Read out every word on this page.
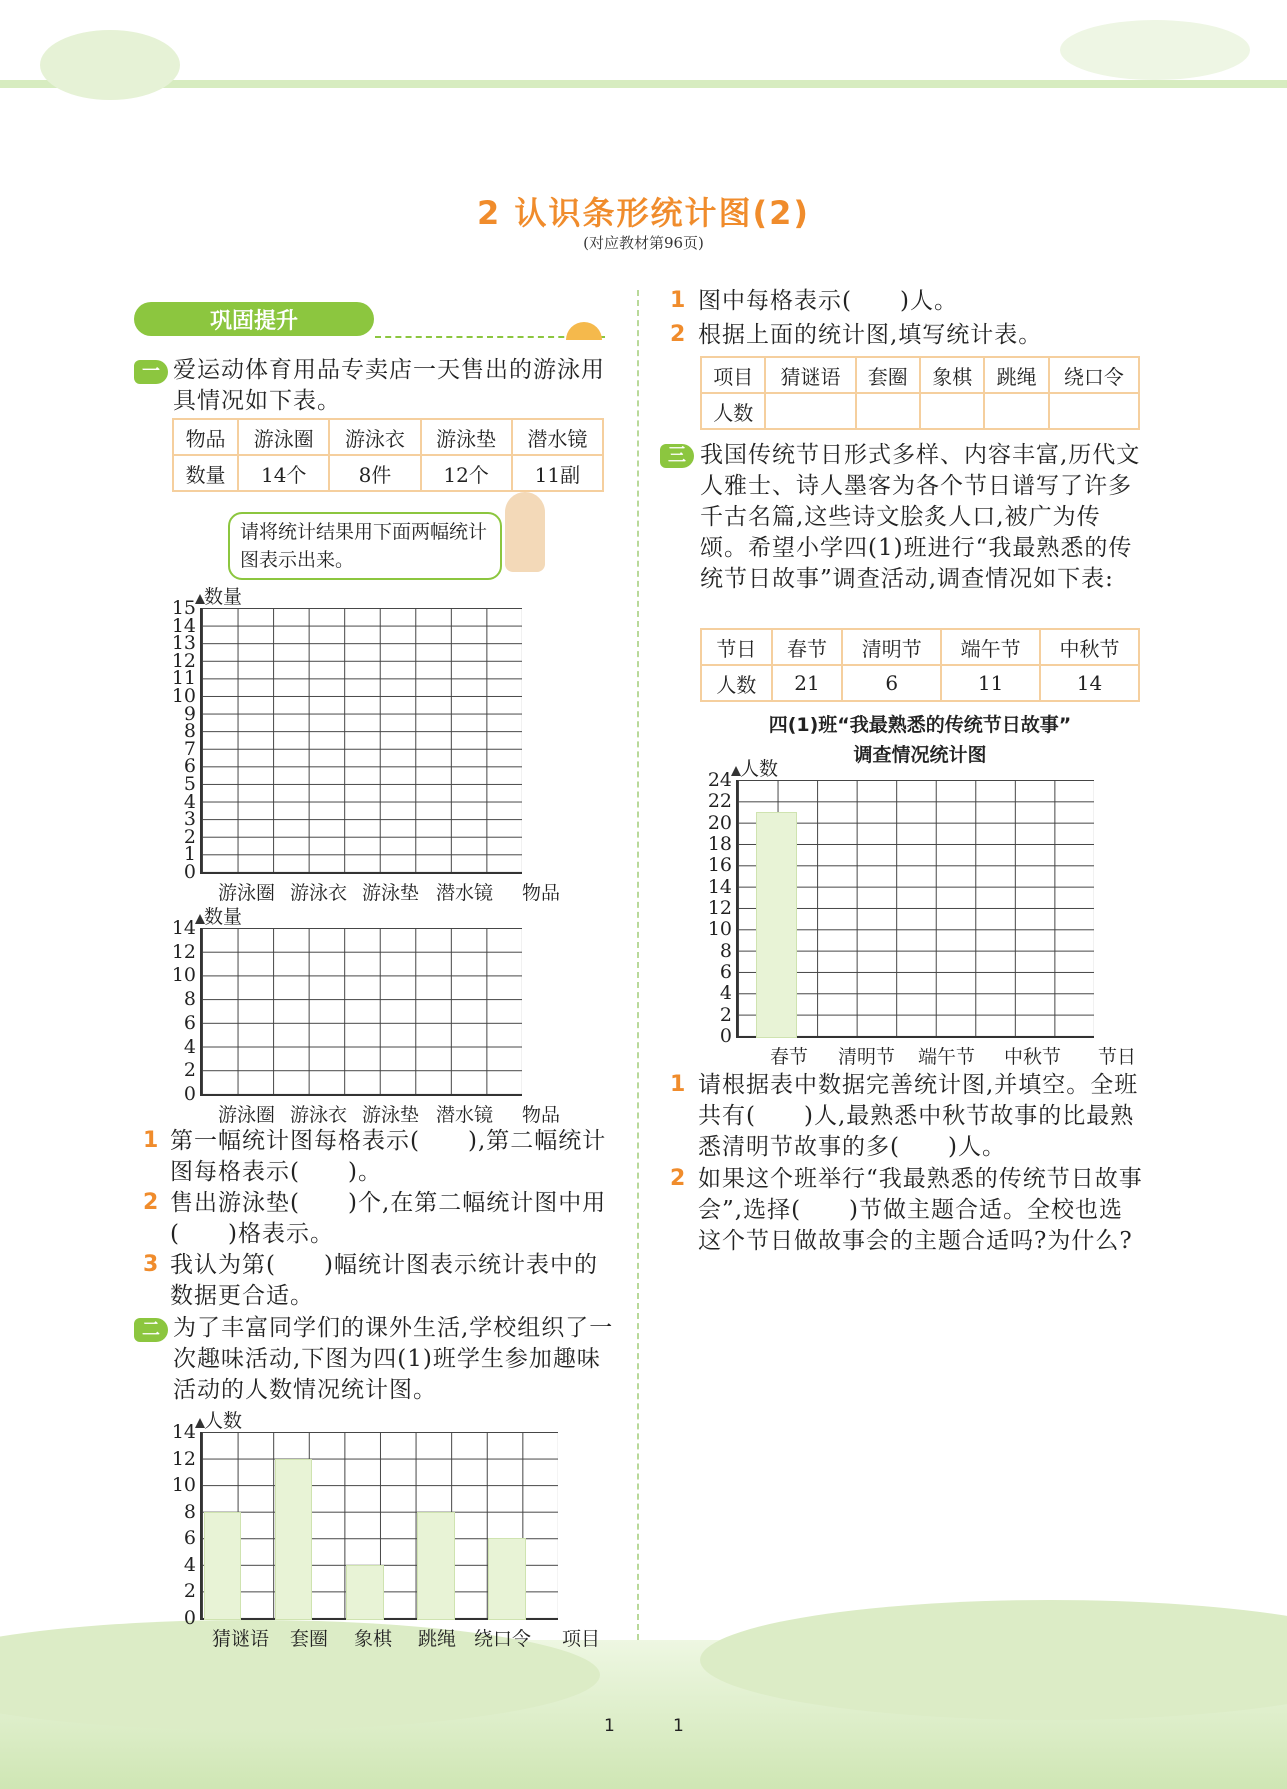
2 认识条形统计图(2)
(对应教材第96页)
巩固提升
一 爱运动体育用品专卖店一天售出的游泳用具情况如下表。
物品	游泳圈	游泳衣	游泳垫	潜水镜
数量	14个	8件	12个	11副
请将统计结果用下面两幅统计图表示出来。
0
1
2
3
4
5
6
7
8
9
10
11
12
13
14
15 数量
游泳圈 游泳衣 游泳垫 潜水镜 物品
0
2
4
6
8
10
12
14 数量
游泳圈 游泳衣 游泳垫 潜水镜 物品
0
2
4
6
8
10
12
14 人数
猜谜语 套圈 象棋 跳绳 绕口令 项目
0
2
4
6
8
10
12
14
16
18
20
22
24 人数
春节 清明节 端午节 中秋节 节日
1 第一幅统计图每格表示(　　),第二幅统计图每格表示(　　)。
2 售出游泳垫(　　)个,在第二幅统计图中用(　　)格表示。
3 我认为第(　　)幅统计图表示统计表中的数据更合适。
二 为了丰富同学们的课外生活,学校组织了一次趣味活动,下图为四(1)班学生参加趣味活动的人数情况统计图。
1 图中每格表示(　　)人。
2 根据上面的统计图,填写统计表。
项目	猜谜语	套圈	象棋	跳绳	绕口令
人数					
三 我国传统节日形式多样、内容丰富,历代文人雅士、诗人墨客为各个节日谱写了许多千古名篇,这些诗文脍炙人口,被广为传颂。希望小学四(1)班进行“我最熟悉的传统节日故事”调查活动,调查情况如下表:
节日	春节	清明节	端午节	中秋节
人数	21	6	11	14
四(1)班“我最熟悉的传统节日故事”
调查情况统计图
1 请根据表中数据完善统计图,并填空。全班共有(　　)人,最熟悉中秋节故事的比最熟悉清明节故事的多(　　)人。
2 如果这个班举行“我最熟悉的传统节日故事会”,选择(　　)节做主题合适。全校也选这个节日做故事会的主题合适吗?为什么?
1	1
